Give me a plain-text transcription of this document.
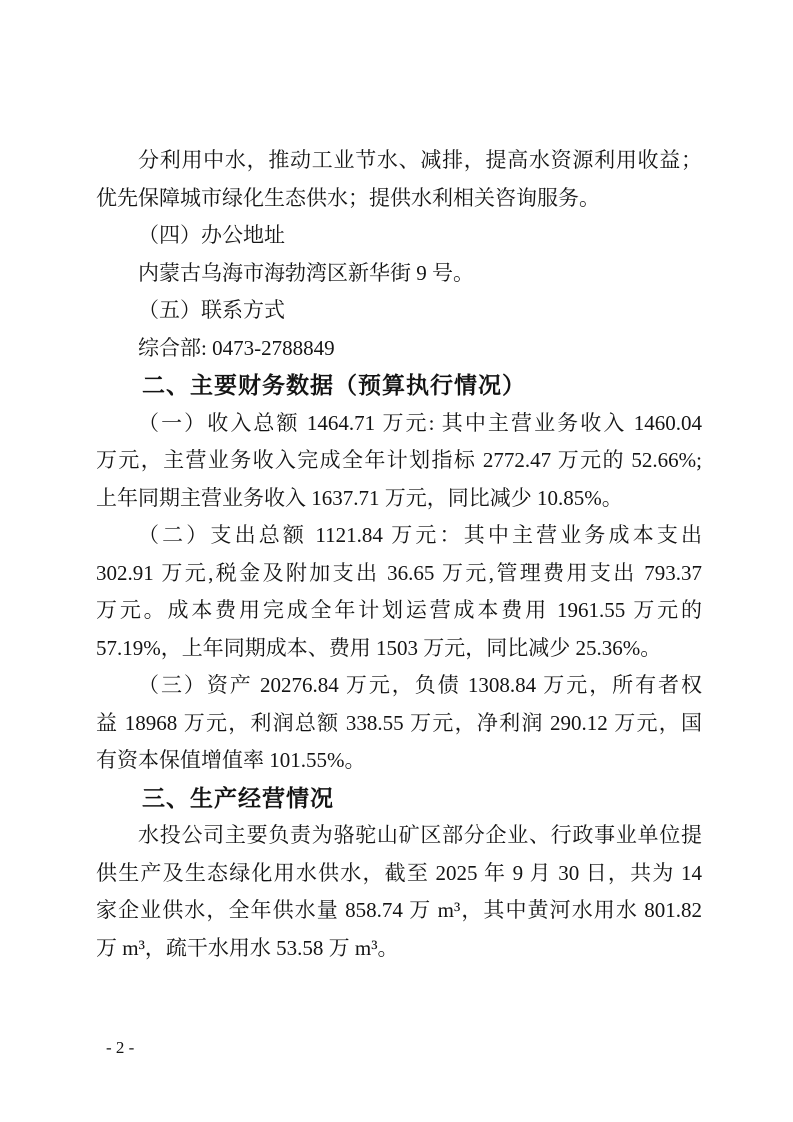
分利用中水，推动工业节水、减排，提高水资源利用收益；
优先保障城市绿化生态供水；提供水利相关咨询服务。
（四）办公地址
内蒙古乌海市海勃湾区新华街 9 号。
（五）联系方式
综合部: 0473-2788849
二、主要财务数据（预算执行情况）
（一）收入总额 1464.71 万元: 其中主营业务收入 1460.04
万元，主营业务收入完成全年计划指标 2772.47 万元的 52.66%;
上年同期主营业务收入 1637.71 万元，同比减少 10.85%。
（二）支出总额 1121.84 万元：其中主营业务成本支出
302.91 万元,税金及附加支出 36.65 万元,管理费用支出 793.37
万元。成本费用完成全年计划运营成本费用 1961.55 万元的
57.19%，上年同期成本、费用 1503 万元，同比减少 25.36%。
（三）资产 20276.84 万元，负债 1308.84 万元，所有者权
益 18968 万元，利润总额 338.55 万元，净利润 290.12 万元，国
有资本保值增值率 101.55%。
三、生产经营情况
水投公司主要负责为骆驼山矿区部分企业、行政事业单位提
供生产及生态绿化用水供水，截至 2025 年 9 月 30 日，共为 14
家企业供水，全年供水量 858.74 万 m³，其中黄河水用水 801.82
万 m³，疏干水用水 53.58 万 m³。
- 2 -
